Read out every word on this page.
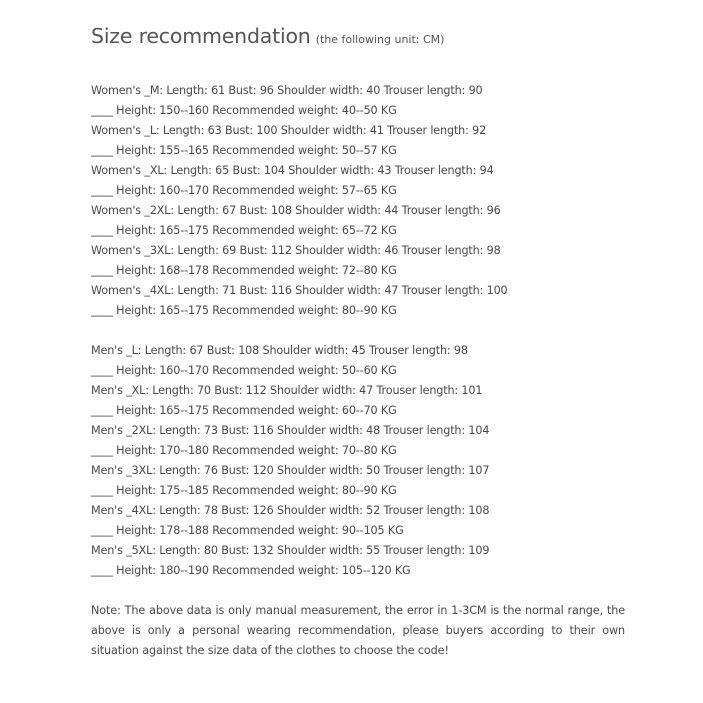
Size recommendation (the following unit: CM)
Women's _M: Length: 61 Bust: 96 Shoulder width: 40 Trouser length: 90
____ Height: 150--160 Recommended weight: 40--50 KG
Women's _L: Length: 63 Bust: 100 Shoulder width: 41 Trouser length: 92
____ Height: 155--165 Recommended weight: 50--57 KG
Women's _XL: Length: 65 Bust: 104 Shoulder width: 43 Trouser length: 94
____ Height: 160--170 Recommended weight: 57--65 KG
Women's _2XL: Length: 67 Bust: 108 Shoulder width: 44 Trouser length: 96
____ Height: 165--175 Recommended weight: 65--72 KG
Women's _3XL: Length: 69 Bust: 112 Shoulder width: 46 Trouser length: 98
____ Height: 168--178 Recommended weight: 72--80 KG
Women's _4XL: Length: 71 Bust: 116 Shoulder width: 47 Trouser length: 100
____ Height: 165--175 Recommended weight: 80--90 KG
Men's _L: Length: 67 Bust: 108 Shoulder width: 45 Trouser length: 98
____ Height: 160--170 Recommended weight: 50--60 KG
Men's _XL: Length: 70 Bust: 112 Shoulder width: 47 Trouser length: 101
____ Height: 165--175 Recommended weight: 60--70 KG
Men's _2XL: Length: 73 Bust: 116 Shoulder width: 48 Trouser length: 104
____ Height: 170--180 Recommended weight: 70--80 KG
Men's _3XL: Length: 76 Bust: 120 Shoulder width: 50 Trouser length: 107
____ Height: 175--185 Recommended weight: 80--90 KG
Men's _4XL: Length: 78 Bust: 126 Shoulder width: 52 Trouser length: 108
____ Height: 178--188 Recommended weight: 90--105 KG
Men's _5XL: Length: 80 Bust: 132 Shoulder width: 55 Trouser length: 109
____ Height: 180--190 Recommended weight: 105--120 KG
Note: The above data is only manual measurement, the error in 1-3CM is the normal range, the above is only a personal wearing recommendation, please buyers according to their own situation against the size data of the clothes to choose the code!
